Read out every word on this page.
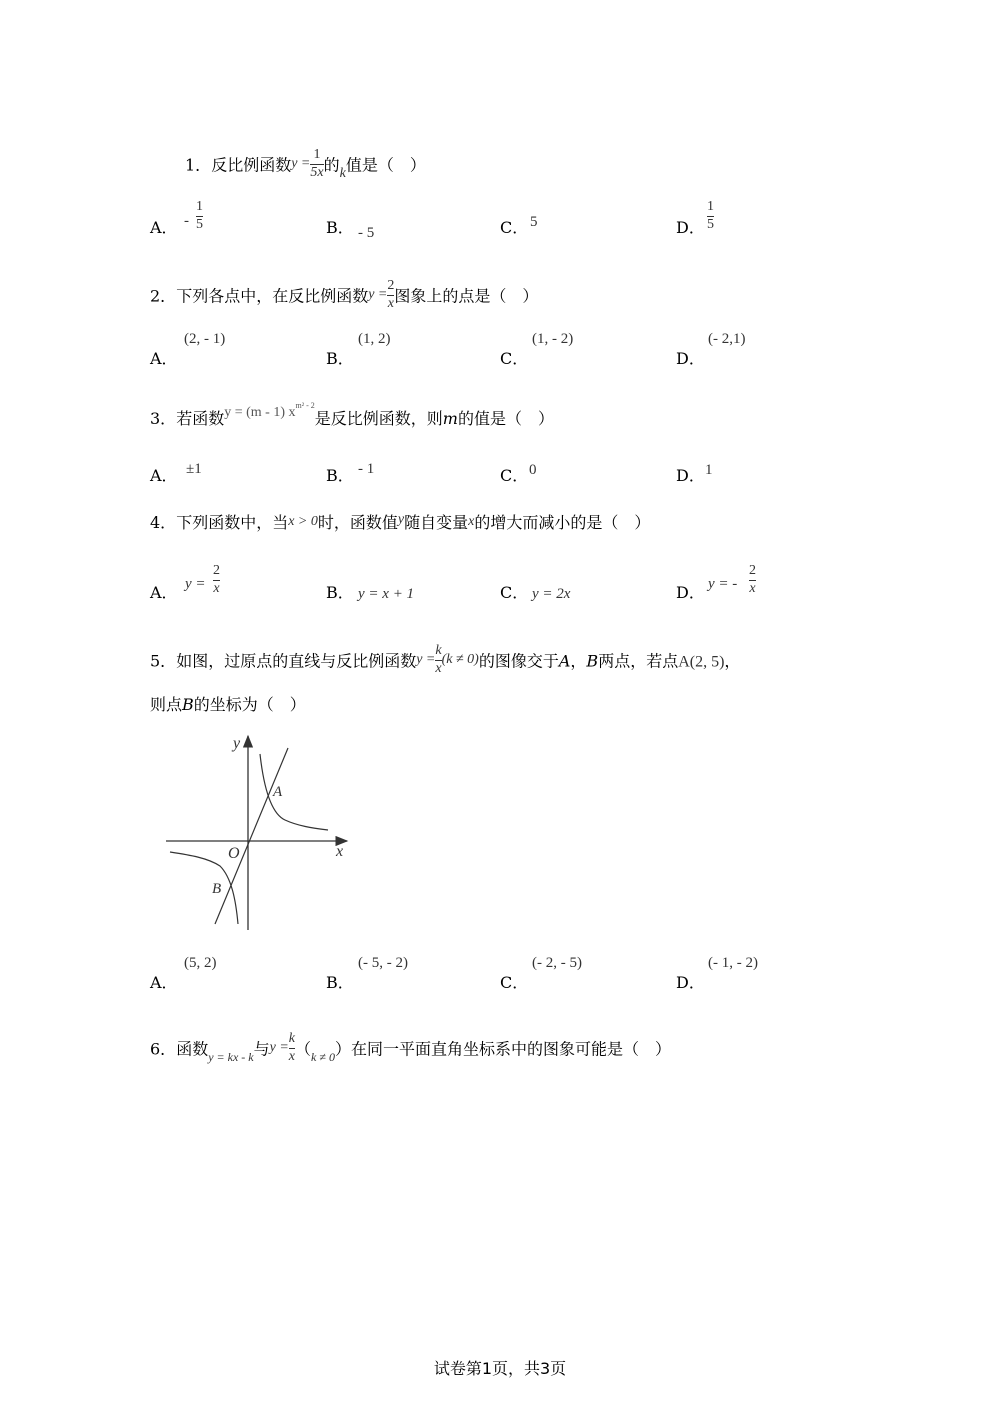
1．反比例函数$y = \frac{1}{5x}$ 的k值是（　）
A． -
1
5	B． - 5	C． 5	D．
1
5
2．下列各点中，在反比例函数$y = \frac{2}{x}$ 图象上的点是（　）
A．
(2, - 1)
B．
(1, 2)
C．
(1, - 2)
D．
(- 2,1)
3．若函数y = (m - 1) $x^{m^2 - 2}$是反比例函数，则m的值是（　）
A． ±1	B． - 1	C． 0	D． 1
4．下列函数中，当x > 0时，函数值y随自变量x的增大而减小的是（　）
A． y =
2
x	B． y = x + 1	C． y = 2x	D． y = -
2
x
5．如图，过原点的直线与反比例函数$y = \frac{k}{x} (k \ne 0)$的图像交于A，B两点，若点A(2, 5)，
则点B的坐标为（　）
y
x
O
A
B
A．
(5, 2)
B．
(- 5, - 2)
C．
(- 2, - 5)
D．
(- 1, - 2)
6．函数$_{y = kx - k}$与$y = \frac{k}{x} (_{k \ne 0})$在同一平面直角坐标系中的图象可能是（　）
试卷第1页，共3页
